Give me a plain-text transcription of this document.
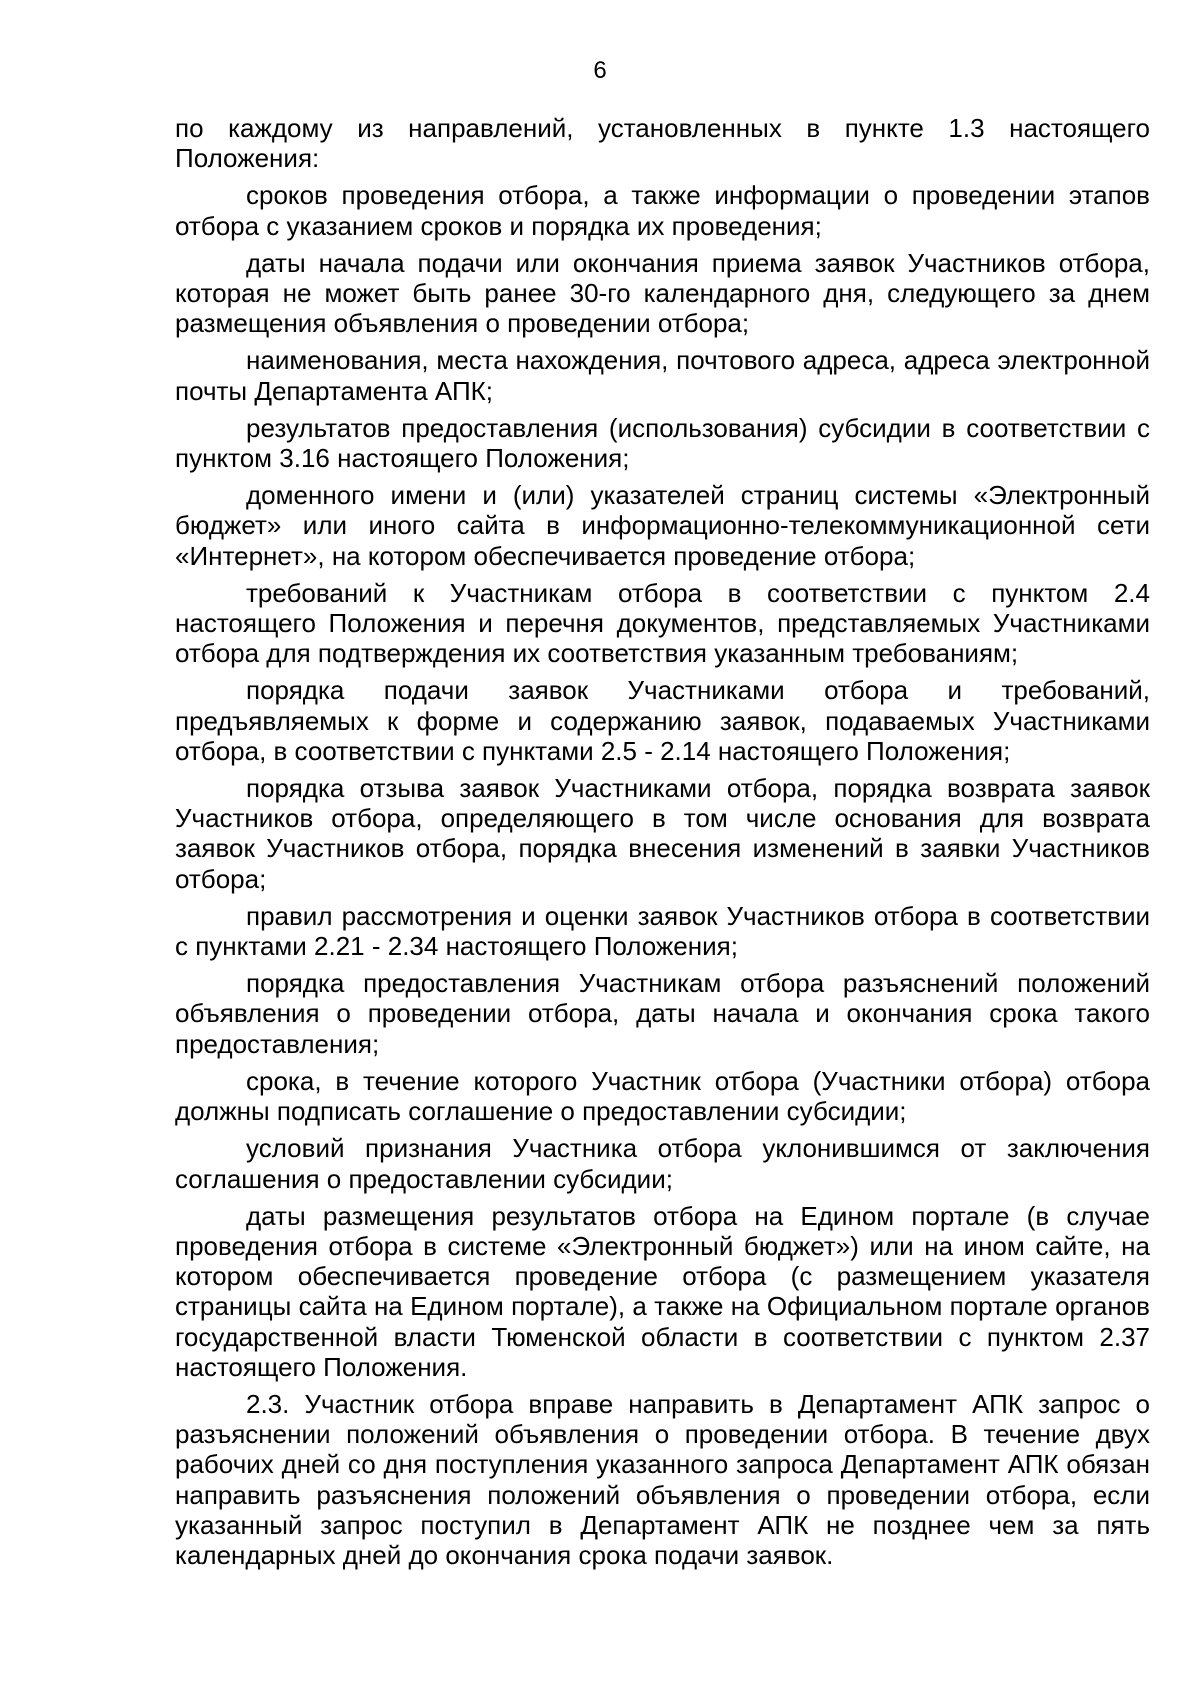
6

по каждому из направлений, установленных в пункте 1.3 настоящего Положения:

сроков проведения отбора, а также информации о проведении этапов отбора с указанием сроков и порядка их проведения;

даты начала подачи или окончания приема заявок Участников отбора, которая не может быть ранее 30-го календарного дня, следующего за днем размещения объявления о проведении отбора;

наименования, места нахождения, почтового адреса, адреса электронной почты Департамента АПК;

результатов предоставления (использования) субсидии в соответствии с пунктом 3.16 настоящего Положения;

доменного имени и (или) указателей страниц системы «Электронный бюджет» или иного сайта в информационно-телекоммуникационной сети «Интернет», на котором обеспечивается проведение отбора;

требований к Участникам отбора в соответствии с пунктом 2.4 настоящего Положения и перечня документов, представляемых Участниками отбора для подтверждения их соответствия указанным требованиям;

порядка подачи заявок Участниками отбора и требований, предъявляемых к форме и содержанию заявок, подаваемых Участниками отбора, в соответствии с пунктами 2.5 - 2.14 настоящего Положения;

порядка отзыва заявок Участниками отбора, порядка возврата заявок Участников отбора, определяющего в том числе основания для возврата заявок Участников отбора, порядка внесения изменений в заявки Участников отбора;

правил рассмотрения и оценки заявок Участников отбора в соответствии с пунктами 2.21 - 2.34 настоящего Положения;

порядка предоставления Участникам отбора разъяснений положений объявления о проведении отбора, даты начала и окончания срока такого предоставления;

срока, в течение которого Участник отбора (Участники отбора) отбора должны подписать соглашение о предоставлении субсидии;

условий признания Участника отбора уклонившимся от заключения соглашения о предоставлении субсидии;

даты размещения результатов отбора на Едином портале (в случае проведения отбора в системе «Электронный бюджет») или на ином сайте, на котором обеспечивается проведение отбора (с размещением указателя страницы сайта на Едином портале), а также на Официальном портале органов государственной власти Тюменской области в соответствии с пунктом 2.37 настоящего Положения.

2.3. Участник отбора вправе направить в Департамент АПК запрос о разъяснении положений объявления о проведении отбора. В течение двух рабочих дней со дня поступления указанного запроса Департамент АПК обязан направить разъяснения положений объявления о проведении отбора, если указанный запрос поступил в Департамент АПК не позднее чем за пять календарных дней до окончания срока подачи заявок.
